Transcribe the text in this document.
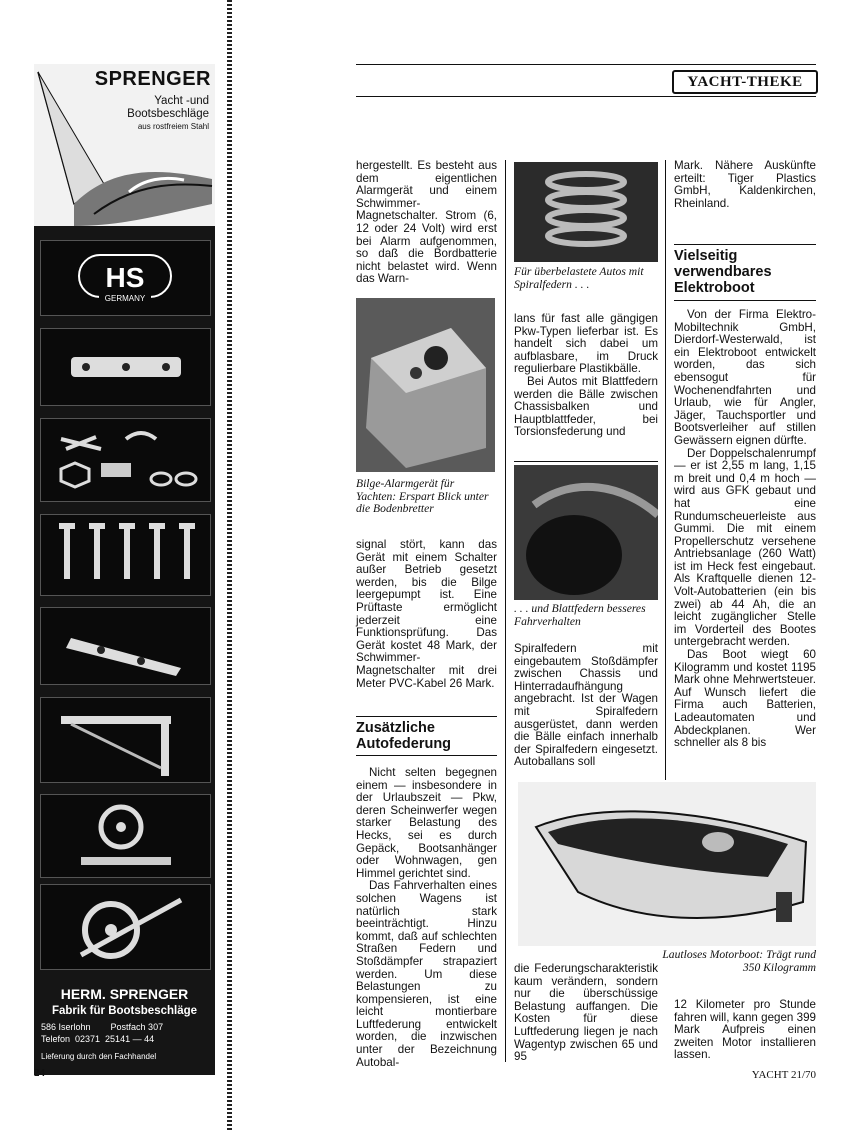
SPRENGER
Yacht -und
Bootsbeschläge
aus rostfreiem Stahl
HS
GERMANY
HERM. SPRENGER
Fabrik für Bootsbeschläge
586 Iserlohn        Postfach 307
Telefon  02371  25141 — 44
Lieferung durch den Fachhandel
YACHT-THEKE

hergestellt. Es besteht aus dem eigentlichen Alarmgerät und einem Schwimmer-Magnetschalter. Strom (6, 12 oder 24 Volt) wird erst bei Alarm aufgenommen, so daß die Bordbatterie nicht belastet wird. Wenn das Warn-

Bilge-Alarmgerät für Yachten: Erspart Blick unter die Bodenbretter

signal stört, kann das Gerät mit einem Schalter außer Betrieb gesetzt werden, bis die Bilge leergepumpt ist. Eine Prüftaste ermöglicht jederzeit eine Funktionsprüfung. Das Gerät kostet 48 Mark, der Schwimmer-Magnetschalter mit drei Meter PVC-Kabel 26 Mark.

Zusätzliche Autofederung

Nicht selten begegnen einem — insbesondere in der Urlaubszeit — Pkw, deren Scheinwerfer wegen starker Belastung des Hecks, sei es durch Gepäck, Bootsanhänger oder Wohnwagen, gen Himmel gerichtet sind.

Das Fahrverhalten eines solchen Wagens ist natürlich stark beeinträchtigt. Hinzu kommt, daß auf schlechten Straßen Federn und Stoßdämpfer strapaziert werden. Um diese Belastungen zu kompensieren, ist eine leicht montierbare Luftfederung entwickelt worden, die inzwischen unter der Bezeichnung Autobal-

Für überbelastete Autos mit Spiralfedern . . .

lans für fast alle gängigen Pkw-Typen lieferbar ist. Es handelt sich dabei um aufblasbare, im Druck regulierbare Plastikbälle.

Bei Autos mit Blattfedern werden die Bälle zwischen Chassisbalken und Hauptblattfeder, bei Torsionsfederung und

. . . und Blattfedern besseres Fahrverhalten

Spiralfedern mit eingebautem Stoßdämpfer zwischen Chassis und Hinterradaufhängung angebracht. Ist der Wagen mit Spiralfedern ausgerüstet, dann werden die Bälle einfach innerhalb der Spiralfedern eingesetzt. Autoballans soll

Mark. Nähere Auskünfte erteilt: Tiger Plastics GmbH, Kaldenkirchen, Rheinland.

Vielseitig verwendbares Elektroboot

Von der Firma Elektro-Mobiltechnik GmbH, Dierdorf-Westerwald, ist ein Elektroboot entwickelt worden, das sich ebensogut für Wochenendfahrten und Urlaub, wie für Angler, Jäger, Tauchsportler und Bootsverleiher auf stillen Gewässern eignen dürfte.

Der Doppelschalenrumpf — er ist 2,55 m lang, 1,15 m breit und 0,4 m hoch — wird aus GFK gebaut und hat eine Rundumscheuerleiste aus Gummi. Die mit einem Propellerschutz versehene Antriebsanlage (260 Watt) ist im Heck fest eingebaut. Als Kraftquelle dienen 12-Volt-Autobatterien (ein bis zwei) ab 44 Ah, die an leicht zugänglicher Stelle im Vorderteil des Bootes untergebracht werden.

Das Boot wiegt 60 Kilogramm und kostet 1195 Mark ohne Mehrwertsteuer. Auf Wunsch liefert die Firma auch Batterien, Ladeautomaten und Abdeckplanen. Wer schneller als 8 bis

Lautloses Motorboot: Trägt rund 350 Kilogramm

die Federungscharakteristik kaum verändern, sondern nur die überschüssige Belastung auffangen. Die Kosten für diese Luftfederung liegen je nach Wagentyp zwischen 65 und 95

12 Kilometer pro Stunde fahren will, kann gegen 399 Mark Aufpreis einen zweiten Motor installieren lassen.

24	YACHT 21/70
